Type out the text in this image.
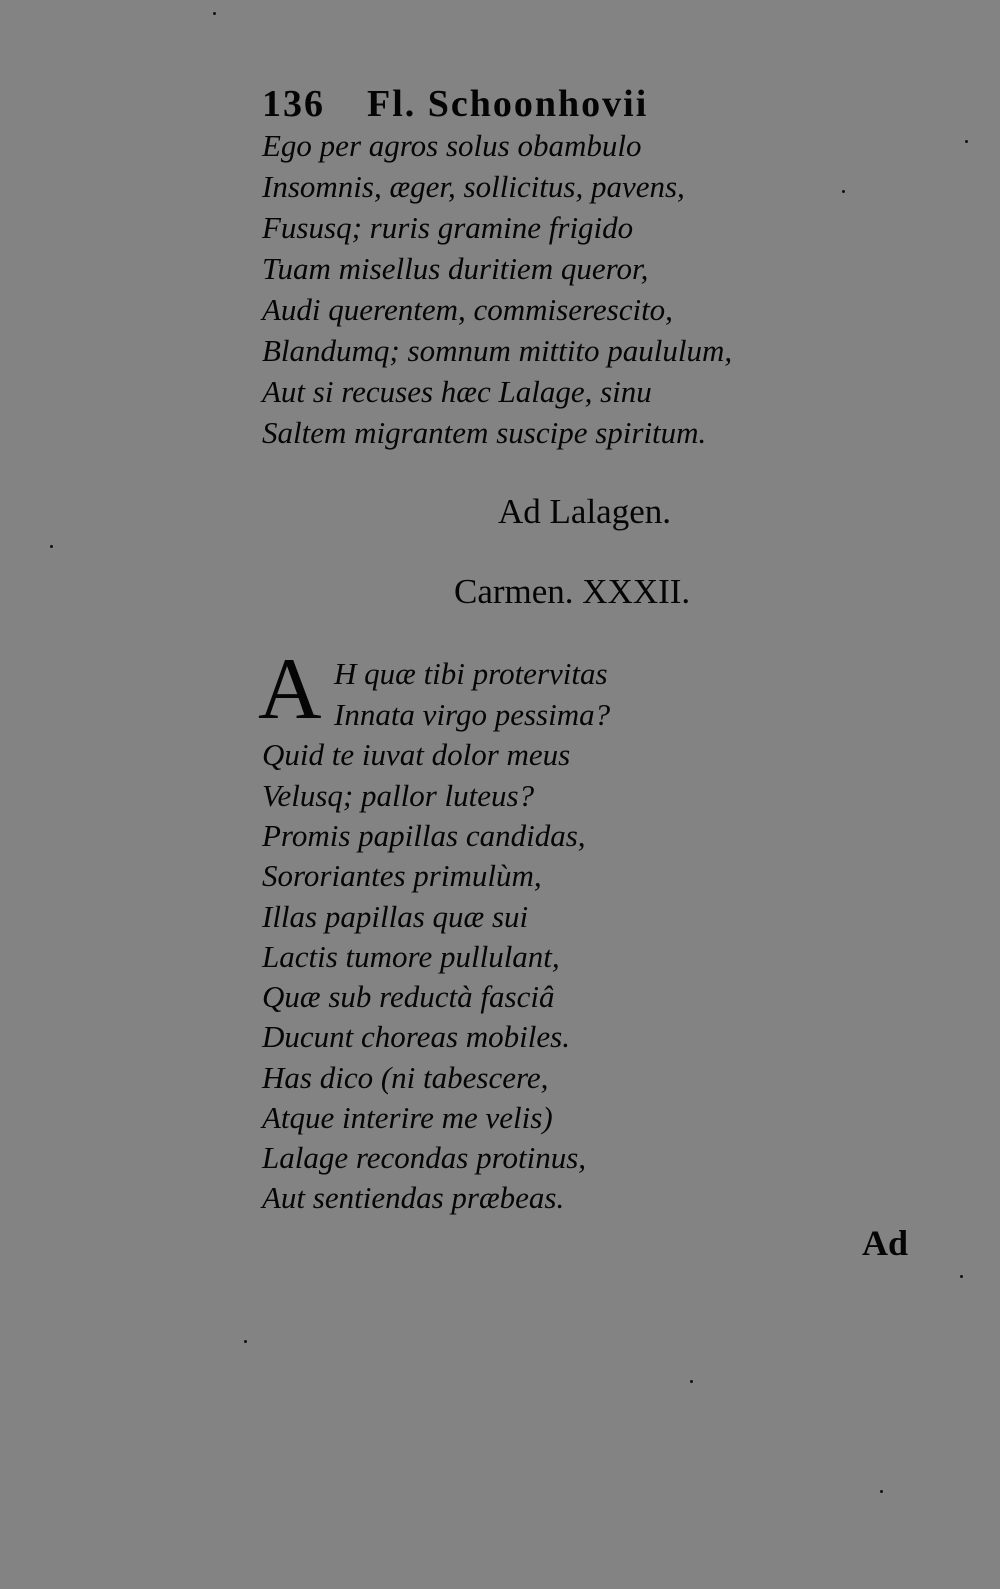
136 Fl. Schoonhovii
Ego per agros solus obambulo
Insomnis, æger, sollicitus, pavens,
Fususq; ruris gramine frigido
Tuam misellus duritiem queror,
Audi querentem, commiserescito,
Blandumq; somnum mittito paululum,
Aut si recuses hæc Lalage, sinu
Saltem migrantem suscipe spiritum.
Ad Lalagen.
Carmen. XXXII.
A H quæ tibi protervitas
Innata virgo pessima?
Quid te iuvat dolor meus
Velusq; pallor luteus?
Promis papillas candidas,
Sororiantes primulùm,
Illas papillas quæ sui
Lactis tumore pullulant,
Quæ sub reductà fasciâ
Ducunt choreas mobiles.
Has dico (ni tabescere,
Atque interire me velis)
Lalage recondas protinus,
Aut sentiendas præbeas.
Ad
